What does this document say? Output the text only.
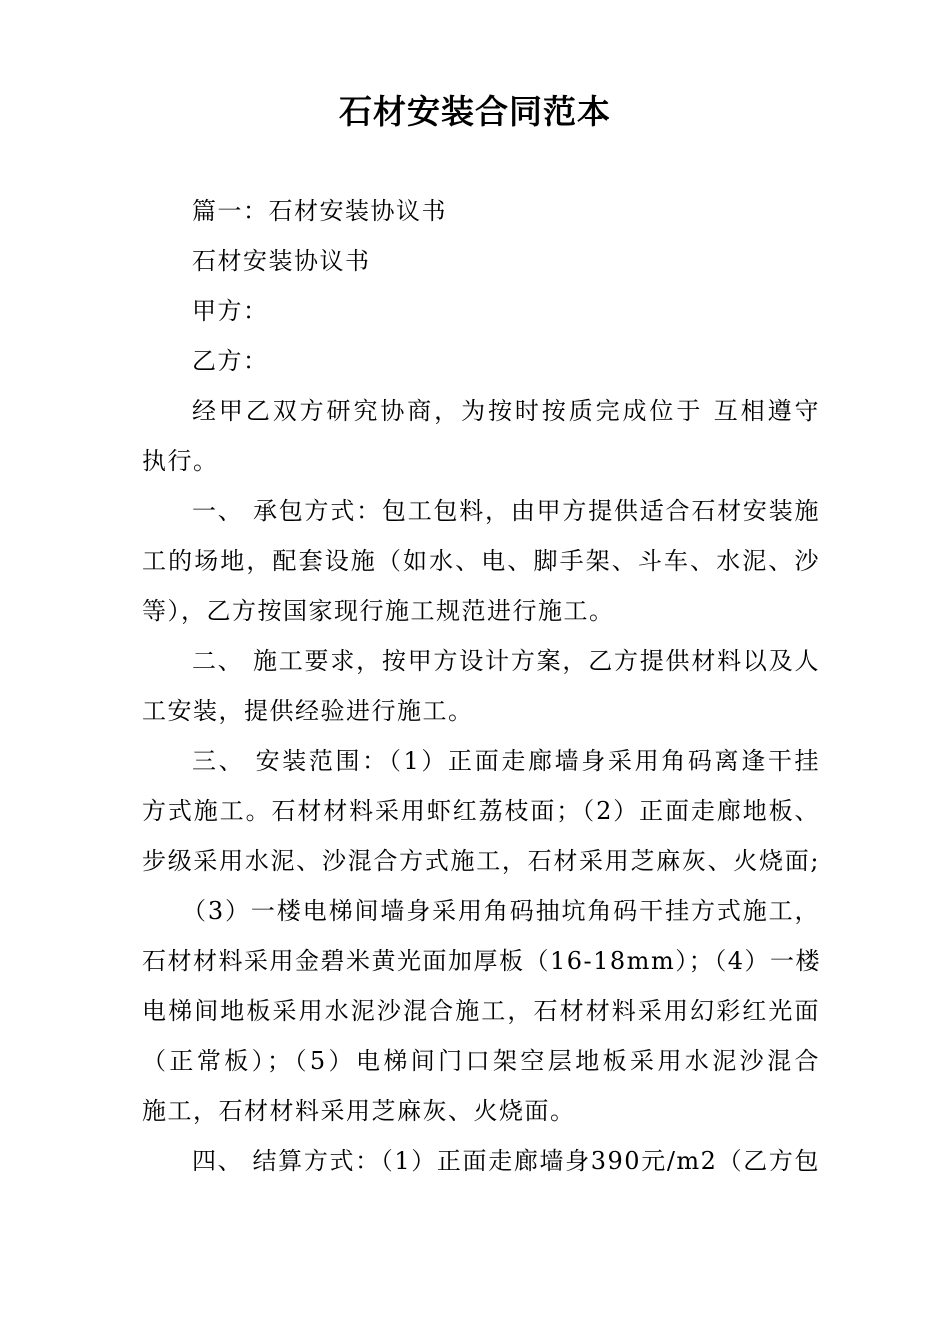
石材安装合同范本
篇一：石材安装协议书
石材安装协议书
甲方：
乙方：
经甲乙双方研究协商，为按时按质完成位于 互相遵守
执行。
一、 承包方式：包工包料，由甲方提供适合石材安装施
工的场地，配套设施（如水、电、脚手架、斗车、水泥、沙
等），乙方按国家现行施工规范进行施工。
二、 施工要求，按甲方设计方案，乙方提供材料以及人
工安装，提供经验进行施工。
三、 安装范围：（1）正面走廊墙身采用角码离逢干挂
方式施工。石材材料采用虾红荔枝面；（2）正面走廊地板、
步级采用水泥、沙混合方式施工，石材采用芝麻灰、火烧面;
（3）一楼电梯间墙身采用角码抽坑角码干挂方式施工，
石材材料采用金碧米黄光面加厚板（16-18mm）；（4）一楼
电梯间地板采用水泥沙混合施工，石材材料采用幻彩红光面
（正常板）；（5）电梯间门口架空层地板采用水泥沙混合
施工，石材材料采用芝麻灰、火烧面。
四、 结算方式：（1）正面走廊墙身390元/m2（乙方包
